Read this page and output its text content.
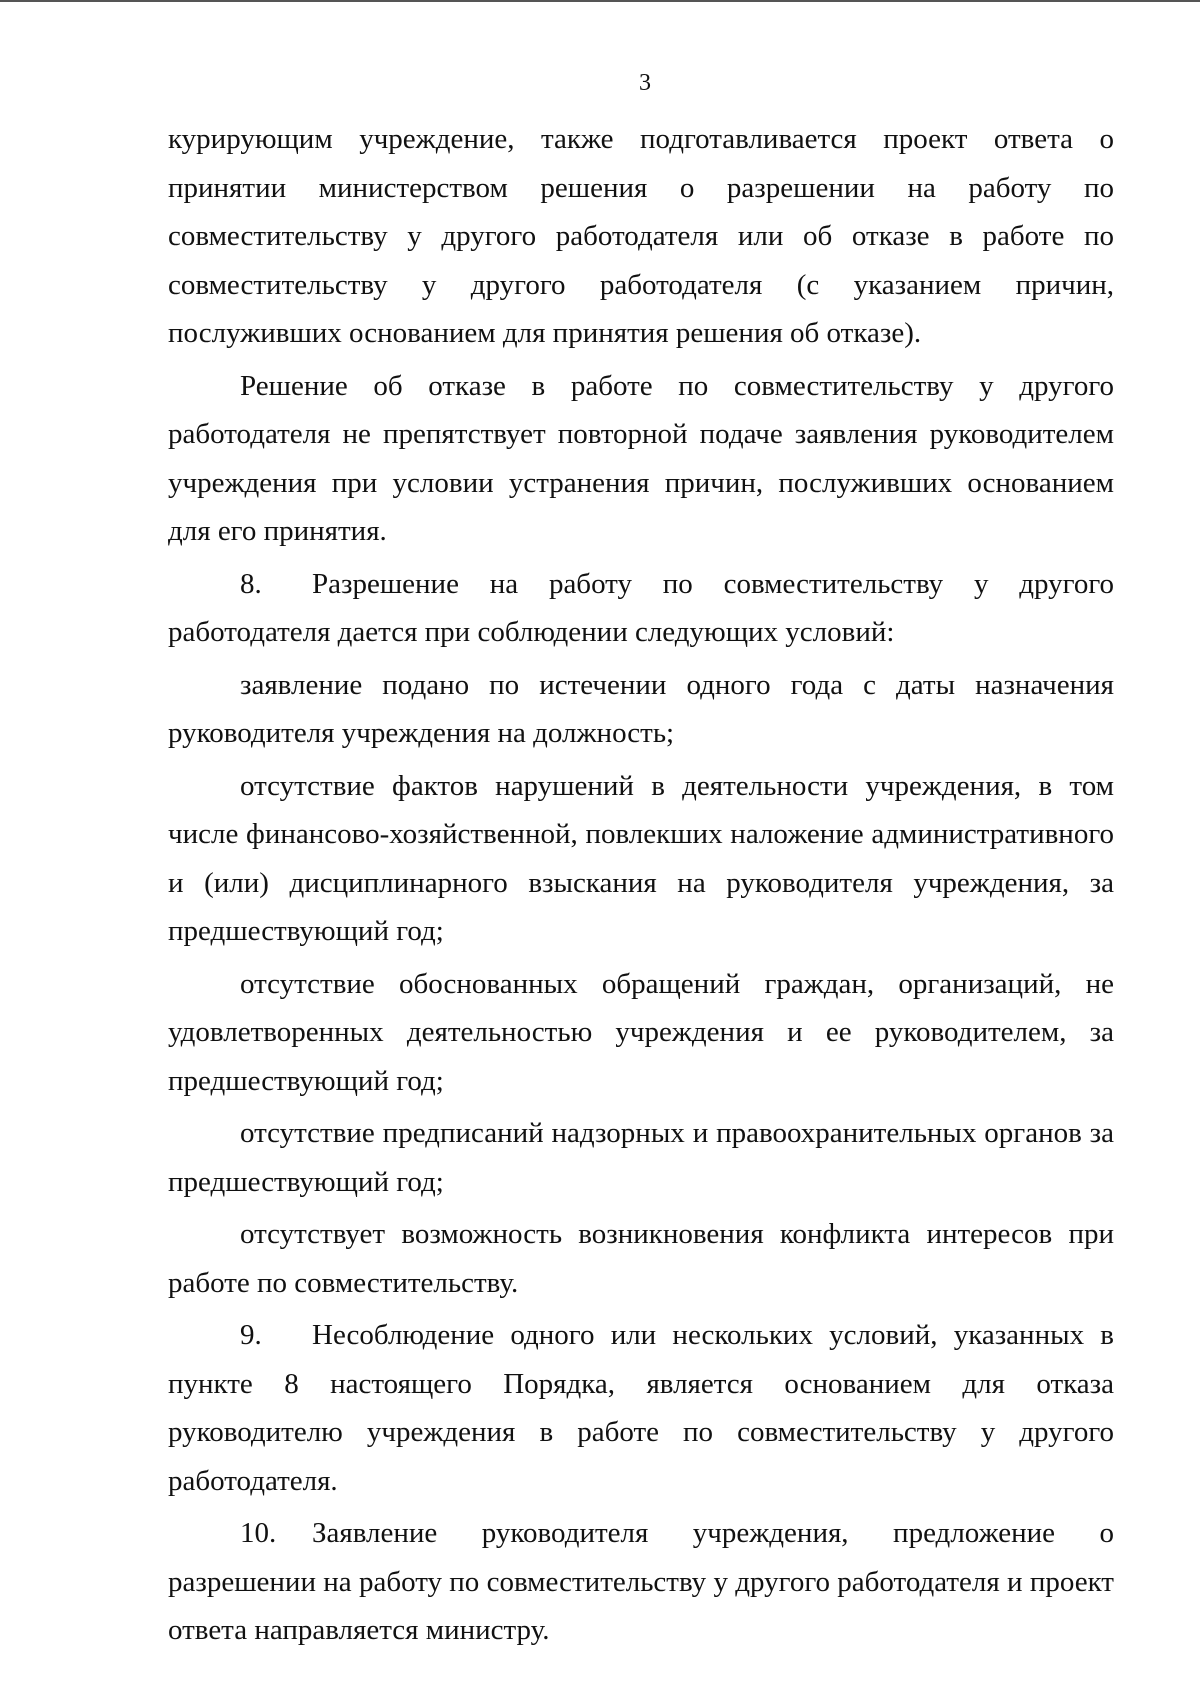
3

курирующим учреждение, также подготавливается проект ответа о принятии министерством решения о разрешении на работу по совместительству у другого работодателя или об отказе в работе по совместительству у другого работодателя (с указанием причин, послуживших основанием для принятия решения об отказе).

Решение об отказе в работе по совместительству у другого работодателя не препятствует повторной подаче заявления руководителем учреждения при условии устранения причин, послуживших основанием для его принятия.

8. Разрешение на работу по совместительству у другого работодателя дается при соблюдении следующих условий:

заявление подано по истечении одного года с даты назначения руководителя учреждения на должность;

отсутствие фактов нарушений в деятельности учреждения, в том числе финансово-хозяйственной, повлекших наложение административного и (или) дисциплинарного взыскания на руководителя учреждения, за предшествующий год;

отсутствие обоснованных обращений граждан, организаций, не удовлетворенных деятельностью учреждения и ее руководителем, за предшествующий год;

отсутствие предписаний надзорных и правоохранительных органов за предшествующий год;

отсутствует возможность возникновения конфликта интересов при работе по совместительству.

9. Несоблюдение одного или нескольких условий, указанных в пункте 8 настоящего Порядка, является основанием для отказа руководителю учреждения в работе по совместительству у другого работодателя.

10. Заявление руководителя учреждения, предложение о разрешении на работу по совместительству у другого работодателя и проект ответа направляется министру.
